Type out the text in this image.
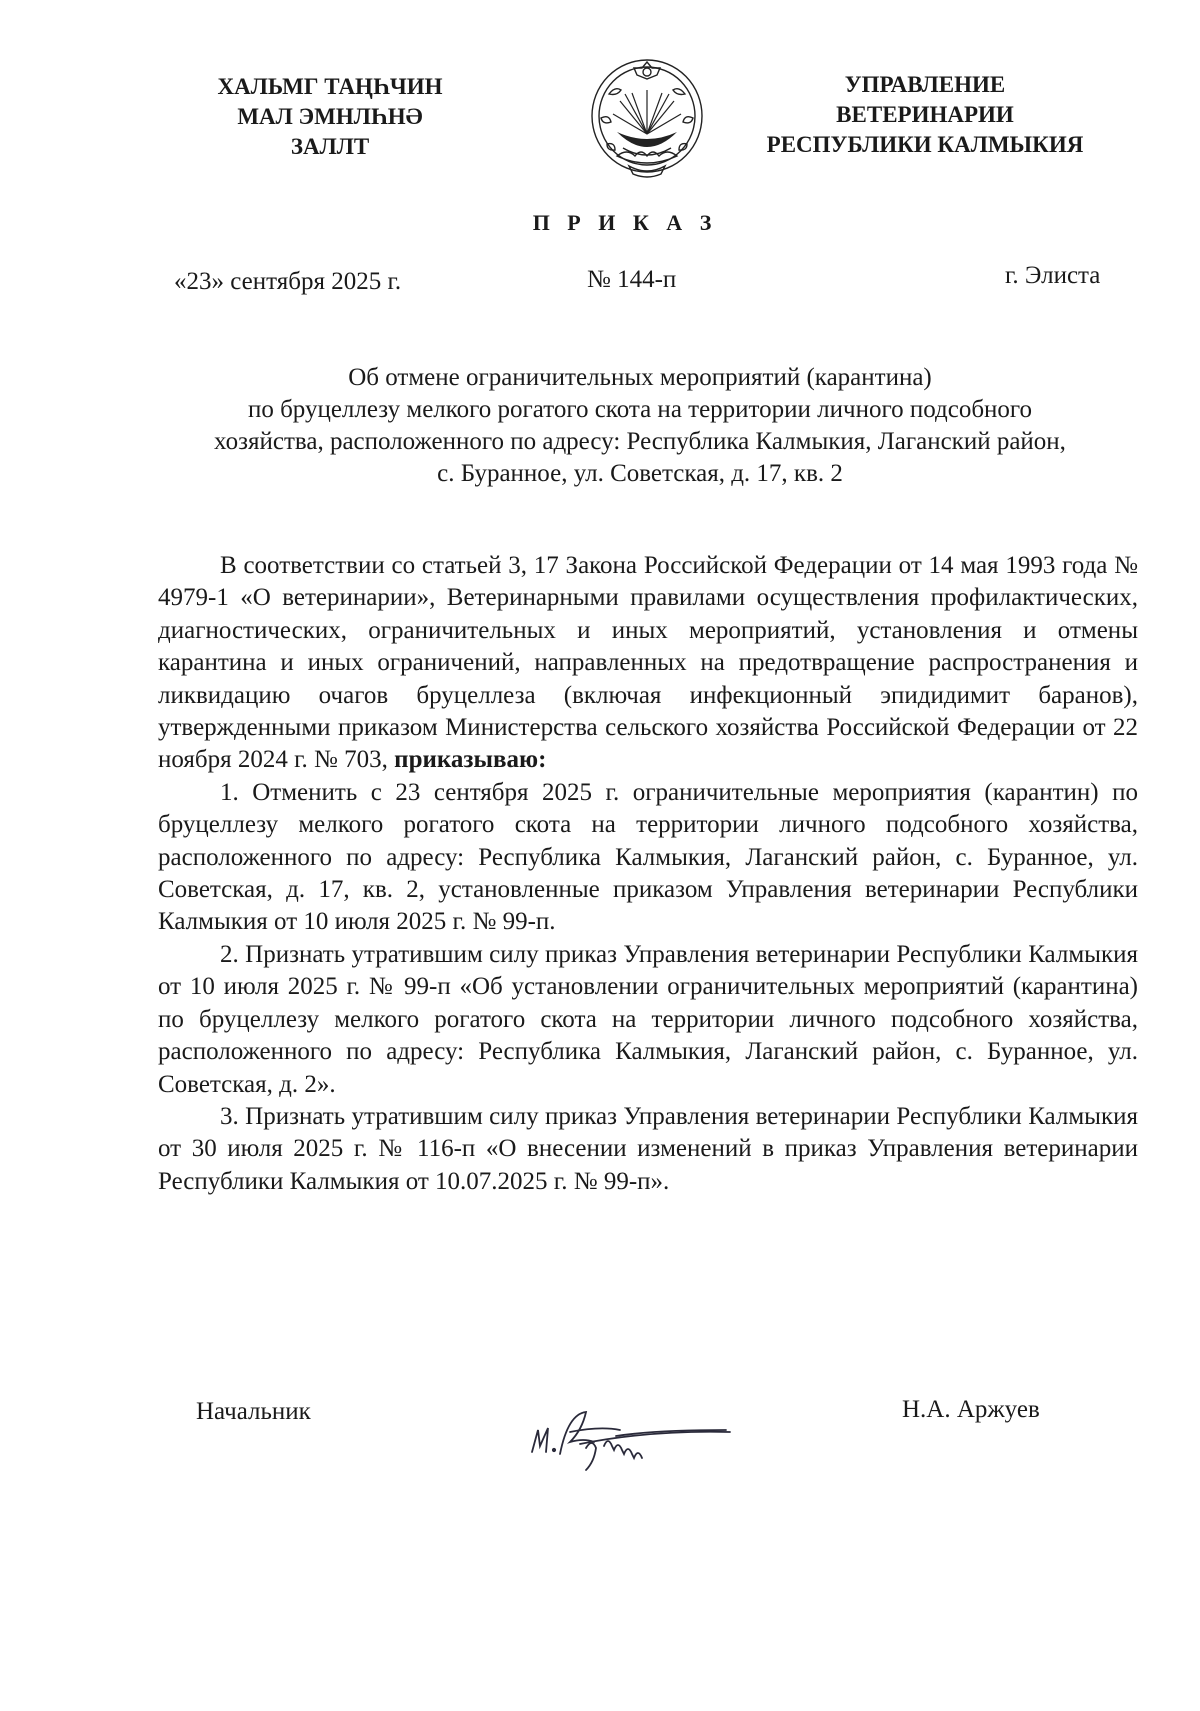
ХАЛЬМГ ТАҢҺЧИН
МАЛ ЭМНЛҺНӘ
ЗАЛЛТ
УПРАВЛЕНИЕ
ВЕТЕРИНАРИИ
РЕСПУБЛИКИ КАЛМЫКИЯ
П Р И К А З
«23» сентября 2025 г.	№ 144-п	г. Элиста
Об отмене ограничительных мероприятий (карантина)
по бруцеллезу мелкого рогатого скота на территории личного подсобного
хозяйства, расположенного по адресу: Республика Калмыкия, Лаганский район,
с. Буранное, ул. Советская, д. 17, кв. 2

В соответствии со статьей 3, 17 Закона Российской Федерации от 14 мая 1993 года № 4979-1 «О ветеринарии», Ветеринарными правилами осуществления профилактических, диагностических, ограничительных и иных мероприятий, установления и отмены карантина и иных ограничений, направленных на предотвращение распространения и ликвидацию очагов бруцеллеза (включая инфекционный эпидидимит баранов), утвержденными приказом Министерства сельского хозяйства Российской Федерации от 22 ноября 2024 г. № 703, приказываю:

1. Отменить с 23 сентября 2025 г. ограничительные мероприятия (карантин) по бруцеллезу мелкого рогатого скота на территории личного подсобного хозяйства, расположенного по адресу: Республика Калмыкия, Лаганский район, с. Буранное, ул. Советская, д. 17, кв. 2, установленные приказом Управления ветеринарии Республики Калмыкия от 10 июля 2025 г. № 99-п.

2. Признать утратившим силу приказ Управления ветеринарии Республики Калмыкия от 10 июля 2025 г. № 99-п «Об установлении ограничительных мероприятий (карантина) по бруцеллезу мелкого рогатого скота на территории личного подсобного хозяйства, расположенного по адресу: Республика Калмыкия, Лаганский район, с. Буранное, ул. Советская, д. 2».

3. Признать утратившим силу приказ Управления ветеринарии Республики Калмыкия от 30 июля 2025 г. № 116-п «О внесении изменений в приказ Управления ветеринарии Республики Калмыкия от 10.07.2025 г. № 99-п».

Начальник	Н.А. Аржуев
